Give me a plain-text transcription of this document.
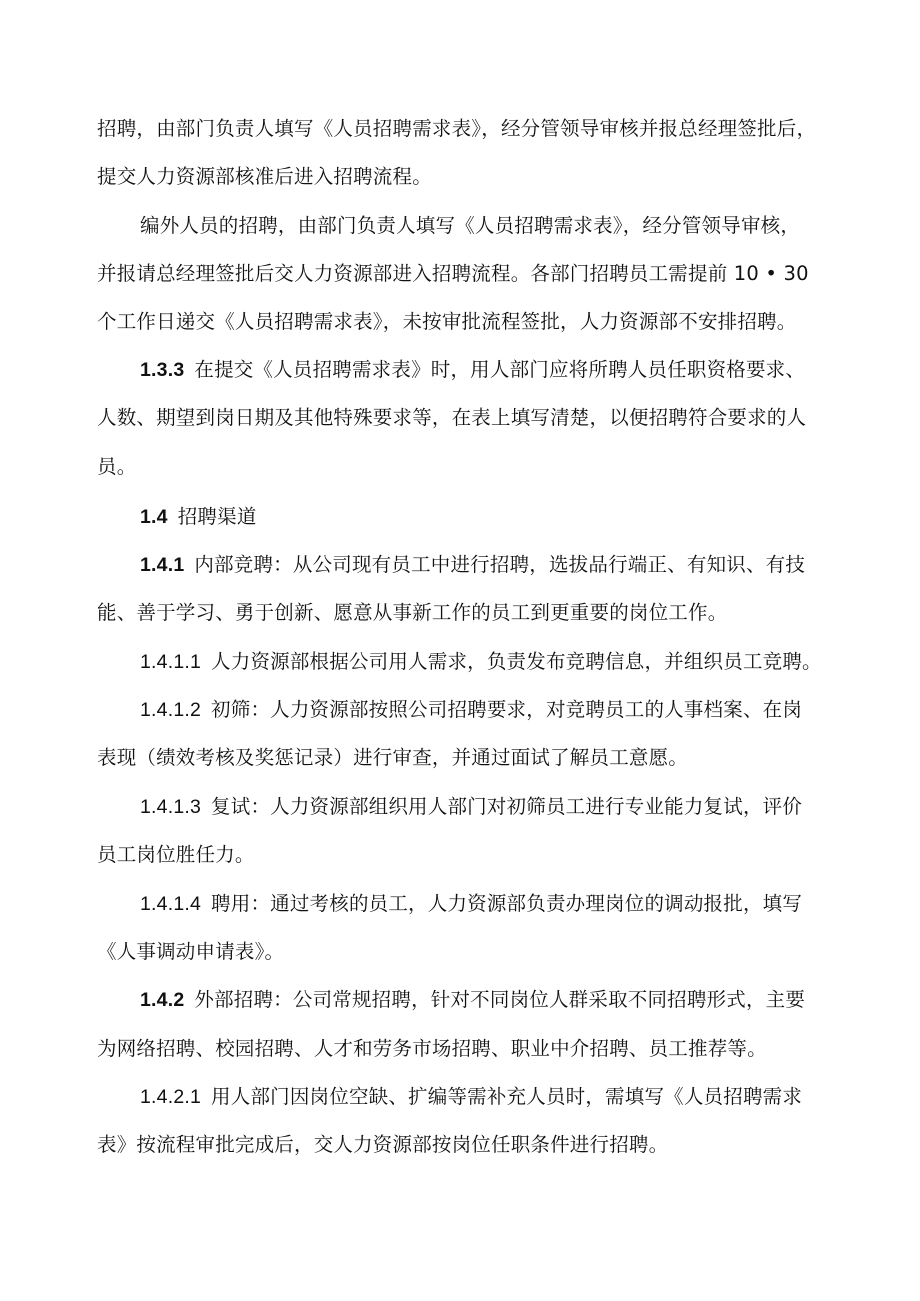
招聘，由部门负责人填写《人员招聘需求表》，经分管领导审核并报总经理签批后，
提交人力资源部核准后进入招聘流程。
编外人员的招聘，由部门负责人填写《人员招聘需求表》，经分管领导审核，
并报请总经理签批后交人力资源部进入招聘流程。各部门招聘员工需提前 10 • 30
个工作日递交《人员招聘需求表》，未按审批流程签批，人力资源部不安排招聘。
1.3.3 在提交《人员招聘需求表》时，用人部门应将所聘人员任职资格要求、
人数、期望到岗日期及其他特殊要求等，在表上填写清楚，以便招聘符合要求的人
员。
1.4 招聘渠道
1.4.1 内部竞聘：从公司现有员工中进行招聘，选拔品行端正、有知识、有技
能、善于学习、勇于创新、愿意从事新工作的员工到更重要的岗位工作。
1.4.1.1 人力资源部根据公司用人需求，负责发布竞聘信息，并组织员工竞聘。
1.4.1.2 初筛：人力资源部按照公司招聘要求，对竞聘员工的人事档案、在岗
表现（绩效考核及奖惩记录）进行审查，并通过面试了解员工意愿。
1.4.1.3 复试：人力资源部组织用人部门对初筛员工进行专业能力复试，评价
员工岗位胜任力。
1.4.1.4 聘用：通过考核的员工，人力资源部负责办理岗位的调动报批，填写
《人事调动申请表》。
1.4.2 外部招聘：公司常规招聘，针对不同岗位人群采取不同招聘形式，主要
为网络招聘、校园招聘、人才和劳务市场招聘、职业中介招聘、员工推荐等。
1.4.2.1 用人部门因岗位空缺、扩编等需补充人员时，需填写《人员招聘需求
表》按流程审批完成后，交人力资源部按岗位任职条件进行招聘。
